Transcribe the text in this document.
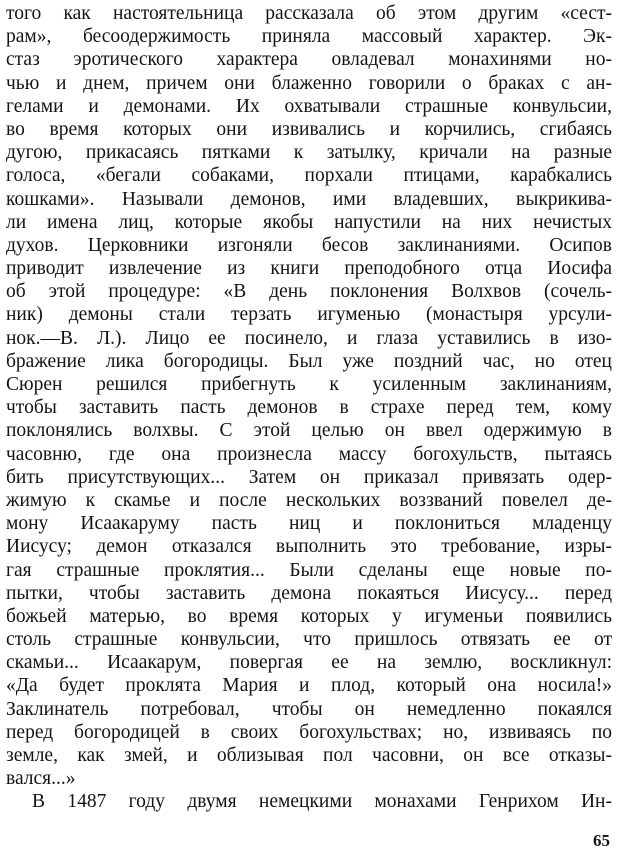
того как настоятельница рассказала об этом другим «сест-
рам», бесоодержимость приняла массовый характер. Эк-
стаз эротического характера овладевал монахинями но-
чью и днем, причем они блаженно говорили о браках с ан-
гелами и демонами. Их охватывали страшные конвульсии,
во время которых они извивались и корчились, сгибаясь
дугою, прикасаясь пятками к затылку, кричали на разные
голоса, «бегали собаками, порхали птицами, карабкались
кошками». Называли демонов, ими владевших, выкрикива-
ли имена лиц, которые якобы напустили на них нечистых
духов. Церковники изгоняли бесов заклинаниями. Осипов
приводит извлечение из книги преподобного отца Иосифа
об этой процедуре: «В день поклонения Волхвов (сочель-
ник) демоны стали терзать игуменью (монастыря урсули-
нок.—В. Л.). Лицо ее посинело, и глаза уставились в изо-
бражение лика богородицы. Был уже поздний час, но отец
Сюрен решился прибегнуть к усиленным заклинаниям,
чтобы заставить пасть демонов в страхе перед тем, кому
поклонялись волхвы. С этой целью он ввел одержимую в
часовню, где она произнесла массу богохульств, пытаясь
бить присутствующих... Затем он приказал привязать одер-
жимую к скамье и после нескольких воззваний повелел де-
мону Исаакаруму пасть ниц и поклониться младенцу
Иисусу; демон отказался выполнить это требование, изры-
гая страшные проклятия... Были сделаны еще новые по-
пытки, чтобы заставить демона покаяться Иисусу... перед
божьей матерью, во время которых у игуменьи появились
столь страшные конвульсии, что пришлось отвязать ее от
скамьи... Исаакарум, повергая ее на землю, воскликнул:
«Да будет проклята Мария и плод, который она носила!»
Заклинатель потребовал, чтобы он немедленно покаялся
перед богородицей в своих богохульствах; но, извиваясь по
земле, как змей, и облизывая пол часовни, он все отказы-
вался...»
В 1487 году двумя немецкими монахами Генрихом Ин-
65
